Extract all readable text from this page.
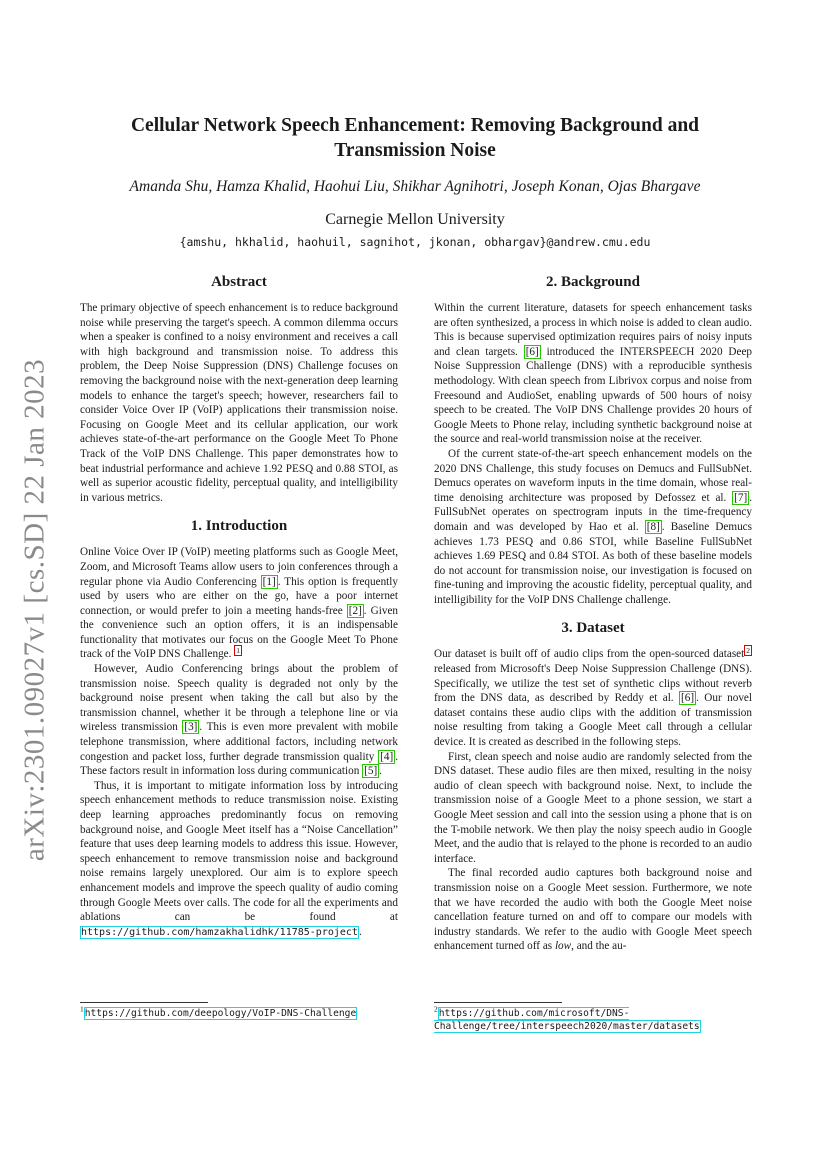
arXiv:2301.09027v1 [cs.SD] 22 Jan 2023
Cellular Network Speech Enhancement: Removing Background and Transmission Noise
Amanda Shu, Hamza Khalid, Haohui Liu, Shikhar Agnihotri, Joseph Konan, Ojas Bhargave
Carnegie Mellon University
{amshu, hkhalid, haohuil, sagnihot, jkonan, obhargav}@andrew.cmu.edu
Abstract

The primary objective of speech enhancement is to reduce background noise while preserving the target's speech. A common dilemma occurs when a speaker is confined to a noisy environment and receives a call with high background and transmission noise. To address this problem, the Deep Noise Suppression (DNS) Challenge focuses on removing the background noise with the next-generation deep learning models to enhance the target's speech; however, researchers fail to consider Voice Over IP (VoIP) applications their transmission noise. Focusing on Google Meet and its cellular application, our work achieves state-of-the-art performance on the Google Meet To Phone Track of the VoIP DNS Challenge. This paper demonstrates how to beat industrial performance and achieve 1.92 PESQ and 0.88 STOI, as well as superior acoustic fidelity, perceptual quality, and intelligibility in various metrics.

1. Introduction

Online Voice Over IP (VoIP) meeting platforms such as Google Meet, Zoom, and Microsoft Teams allow users to join conferences through a regular phone via Audio Conferencing [1] . This option is frequently used by users who are either on the go, have a poor internet connection, or would prefer to join a meeting hands-free [2] . Given the convenience such an option offers, it is an indispensable functionality that motivates our focus on the Google Meet To Phone track of the VoIP DNS Challenge. $^1$

However, Audio Conferencing brings about the problem of transmission noise. Speech quality is degraded not only by the background noise present when taking the call but also by the transmission channel, whether it be through a telephone line or via wireless transmission [3] . This is even more prevalent with mobile telephone transmission, where additional factors, including network congestion and packet loss, further degrade transmission quality [4] . These factors result in information loss during communication [5] .

Thus, it is important to mitigate information loss by introducing speech enhancement methods to reduce transmission noise. Existing deep learning approaches predominantly focus on removing background noise, and Google Meet itself has a “Noise Cancellation” feature that uses deep learning models to address this issue. However, speech enhancement to remove transmission noise and background noise remains largely unexplored. Our aim is to explore speech enhancement models and improve the speech quality of audio coming through Google Meets over calls. The code for all the experiments and ablations can be found at https://github.com/hamzakhalidhk/11785-project.

2. Background

Within the current literature, datasets for speech enhancement tasks are often synthesized, a process in which noise is added to clean audio. This is because supervised optimization requires pairs of noisy inputs and clean targets. [6] introduced the INTERSPEECH 2020 Deep Noise Suppression Challenge (DNS) with a reproducible synthesis methodology. With clean speech from Librivox corpus and noise from Freesound and AudioSet, enabling upwards of 500 hours of noisy speech to be created. The VoIP DNS Challenge provides 20 hours of Google Meets to Phone relay, including synthetic background noise at the source and real-world transmission noise at the receiver.

Of the current state-of-the-art speech enhancement models on the 2020 DNS Challenge, this study focuses on Demucs and FullSubNet. Demucs operates on waveform inputs in the time domain, whose real-time denoising architecture was proposed by Defossez et al. [7] . FullSubNet operates on spectrogram inputs in the time-frequency domain and was developed by Hao et al. [8] . Baseline Demucs achieves 1.73 PESQ and 0.86 STOI, while Baseline FullSubNet achieves 1.69 PESQ and 0.84 STOI. As both of these baseline models do not account for transmission noise, our investigation is focused on fine-tuning and improving the acoustic fidelity, perceptual quality, and intelligibility for the VoIP DNS Challenge challenge.

3. Dataset

Our dataset is built off of audio clips from the open-sourced dataset $^2$ released from Microsoft's Deep Noise Suppression Challenge (DNS). Specifically, we utilize the test set of synthetic clips without reverb from the DNS data, as described by Reddy et al. [6] . Our novel dataset contains these audio clips with the addition of transmission noise resulting from taking a Google Meet call through a cellular device. It is created as described in the following steps.

First, clean speech and noise audio are randomly selected from the DNS dataset. These audio files are then mixed, resulting in the noisy audio of clean speech with background noise. Next, to include the transmission noise of a Google Meet to a phone session, we start a Google Meet session and call into the session using a phone that is on the T-mobile network. We then play the noisy speech audio in Google Meet, and the audio that is relayed to the phone is recorded to an audio interface.

The final recorded audio captures both background noise and transmission noise on a Google Meet session. Furthermore, we note that we have recorded the audio with both the Google Meet noise cancellation feature turned on and off to compare our models with industry standards. We refer to the audio with Google Meet speech enhancement turned off as low, and the au-

$^1$https://github.com/deepology/VoIP-DNS-Challenge	$^2$https://github.com/microsoft/DNS-Challenge/tree/interspeech2020/master/datasets
